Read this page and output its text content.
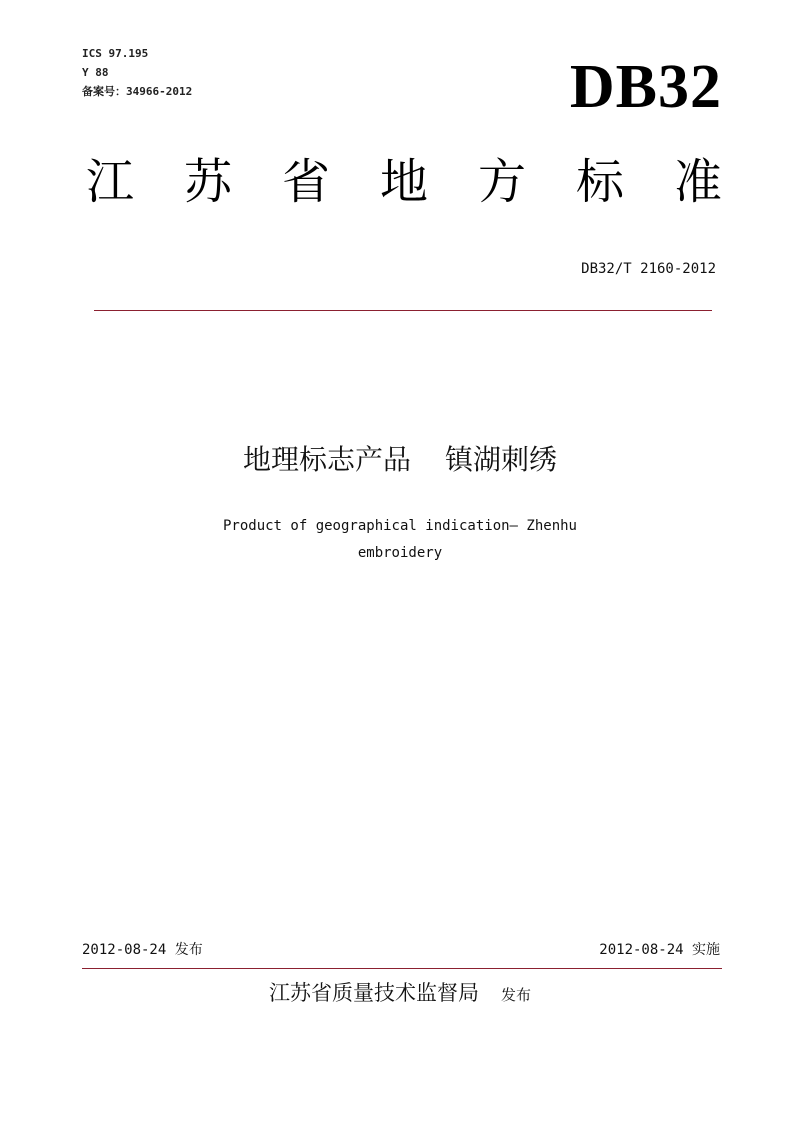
ICS 97.195
Y 88
备案号：34966-2012	DB32
江 苏 省 地 方 标 准
DB32/T 2160-2012
地理标志产品 镇湖刺绣
Product of geographical indication— Zhenhu
embroidery
2012-08-24 发布	2012-08-24 实施
江苏省质量技术监督局 发布
